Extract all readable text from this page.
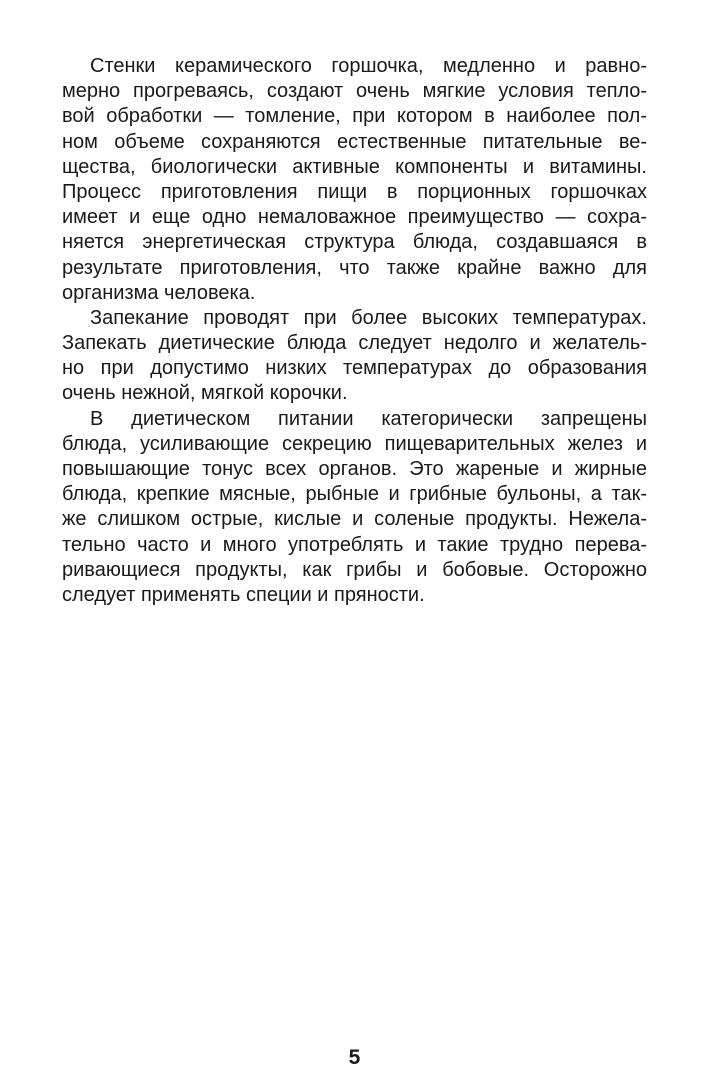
Стенки керамического горшочка, медленно и равно-
мерно прогреваясь, создают очень мягкие условия теплo-
вой обработки — томление, при котором в наиболее пол-
ном объеме сохраняются естественные питательные ве-
щества, биологически активные компоненты и витамины.
Процесс приготовления пищи в порционных горшочках
имеет и еще одно немаловажное преимущество — сохра-
няется энергетическая структура блюда, создавшаяся в
результате приготовления, что также крайне важно для
организма человека.
Запекание проводят при более высоких температурах.
Запекать диетические блюда следует недолго и желатель-
но при допустимо низких температурах до образования
очень нежной, мягкой корочки.
В диетическом питании категорически запрещены
блюда, усиливающие секрецию пищеварительных желез и
повышающие тонус всех органов. Это жареные и жирные
блюда, крепкие мясные, рыбные и грибные бульоны, а так-
же слишком острые, кислые и соленые продукты. Нежела-
тельно часто и много употреблять и такие трудно перева-
ривающиеся продукты, как грибы и бобовые. Осторожно
следует применять специи и пряности.
5
